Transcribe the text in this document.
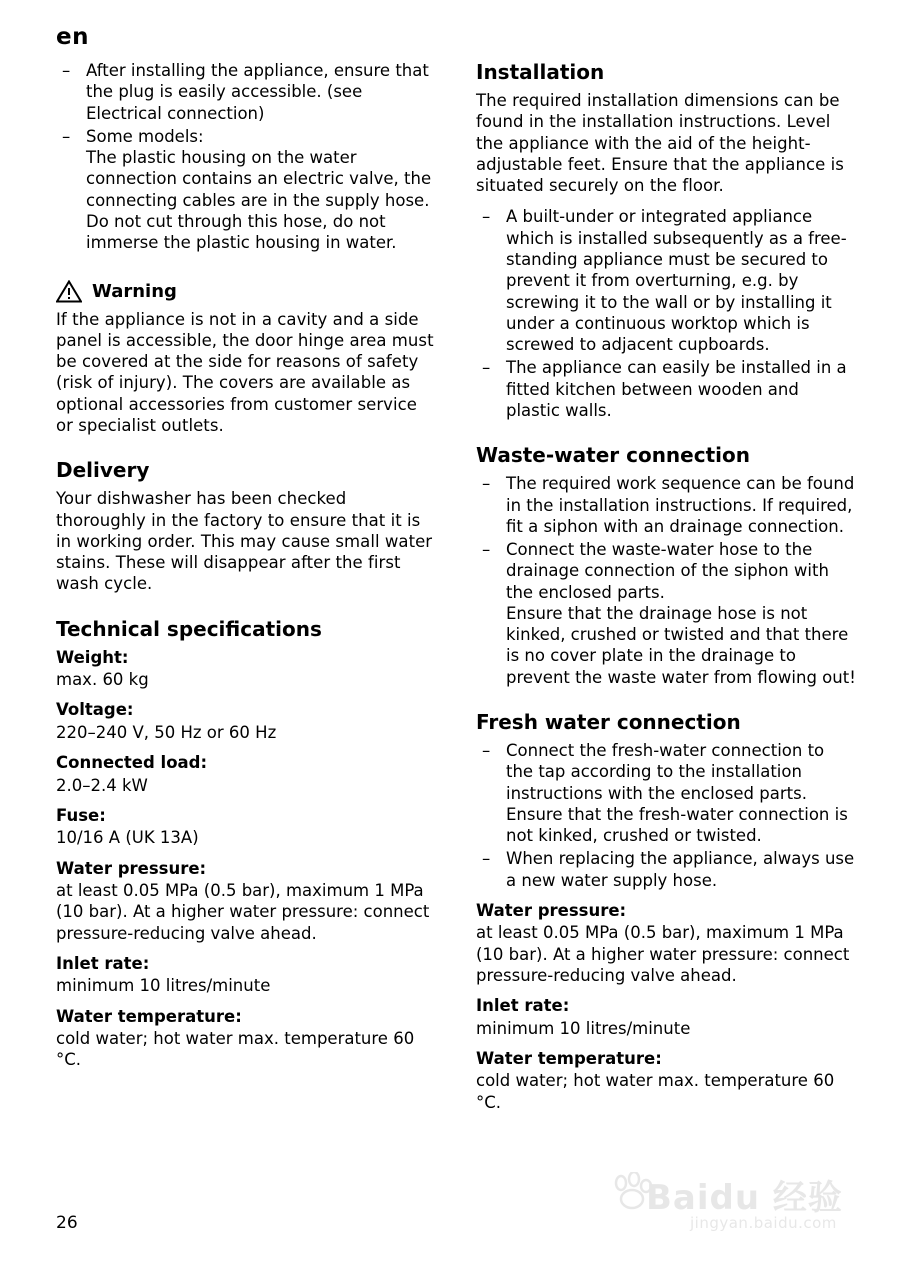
en
– After installing the appliance, ensure that the plug is easily accessible. (see Electrical connection)
– Some models:
The plastic housing on the water connection contains an electric valve, the connecting cables are in the supply hose. Do not cut through this hose, do not immerse the plastic housing in water.
Warning

If the appliance is not in a cavity and a side panel is accessible, the door hinge area must be covered at the side for reasons of safety (risk of injury). The covers are available as optional accessories from customer service or specialist outlets.

Delivery

Your dishwasher has been checked thoroughly in the factory to ensure that it is in working order. This may cause small water stains. These will disappear after the first wash cycle.

Technical specifications
Weight:
max. 60 kg
Voltage:
220–240 V, 50 Hz or 60 Hz
Connected load:
2.0–2.4 kW
Fuse:
10/16 A (UK 13A)
Water pressure:
at least 0.05 MPa (0.5 bar), maximum 1 MPa (10 bar). At a higher water pressure: connect pressure-reducing valve ahead.
Inlet rate:
minimum 10 litres/minute
Water temperature:
cold water; hot water max. temperature 60 °C.
Installation

The required installation dimensions can be found in the installation instructions. Level the appliance with the aid of the height-adjustable feet. Ensure that the appliance is situated securely on the floor.

– A built-under or integrated appliance which is installed subsequently as a free-standing appliance must be secured to prevent it from overturning, e.g. by screwing it to the wall or by installing it under a continuous worktop which is screwed to adjacent cupboards.
– The appliance can easily be installed in a fitted kitchen between wooden and plastic walls.
Waste-water connection
– The required work sequence can be found in the installation instructions. If required, fit a siphon with an drainage connection.
– Connect the waste-water hose to the drainage connection of the siphon with the enclosed parts.
Ensure that the drainage hose is not kinked, crushed or twisted and that there is no cover plate in the drainage to prevent the waste water from flowing out!
Fresh water connection
– Connect the fresh-water connection to the tap according to the installation instructions with the enclosed parts.
Ensure that the fresh-water connection is not kinked, crushed or twisted.
– When replacing the appliance, always use a new water supply hose.
Water pressure:
at least 0.05 MPa (0.5 bar), maximum 1 MPa (10 bar). At a higher water pressure: connect pressure-reducing valve ahead.
Inlet rate:
minimum 10 litres/minute
Water temperature:
cold water; hot water max. temperature 60 °C.
26
Baidu 经验
jingyan.baidu.com
